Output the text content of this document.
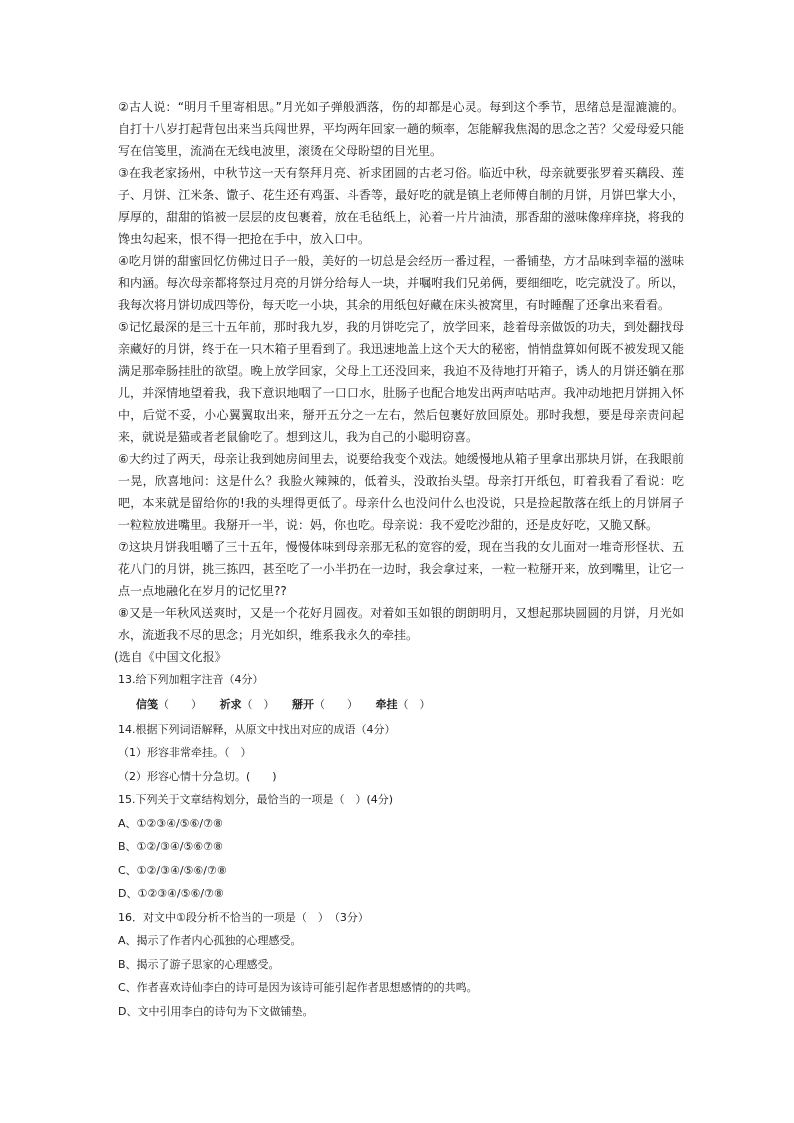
②古人说：“明月千里寄相思。”月光如子弹般洒落，伤的却都是心灵。每到这个季节，思绪总是湿漉漉的。自打十八岁打起背包出来当兵闯世界，平均两年回家一趟的频率，怎能解我焦渴的思念之苦？父爱母爱只能写在信笺里，流淌在无线电波里，滚烫在父母盼望的目光里。

③在我老家扬州，中秋节这一天有祭拜月亮、祈求团圆的古老习俗。临近中秋，母亲就要张罗着买藕段、莲子、月饼、江米条、馓子、花生还有鸡蛋、斗香等，最好吃的就是镇上老师傅自制的月饼，月饼巴掌大小，厚厚的，甜甜的馅被一层层的皮包裹着，放在毛毡纸上，沁着一片片油渍，那香甜的滋味像痒痒挠，将我的馋虫勾起来，恨不得一把抢在手中，放入口中。

④吃月饼的甜蜜回忆仿佛过日子一般，美好的一切总是会经历一番过程，一番铺垫，方才品味到幸福的滋味和内涵。每次母亲都将祭过月亮的月饼分给每人一块，并嘱咐我们兄弟俩，要细细吃，吃完就没了。所以，我每次将月饼切成四等份，每天吃一小块，其余的用纸包好藏在床头被窝里，有时睡醒了还拿出来看看。

⑤记忆最深的是三十五年前，那时我九岁，我的月饼吃完了，放学回来，趁着母亲做饭的功夫，到处翻找母亲藏好的月饼，终于在一只木箱子里看到了。我迅速地盖上这个天大的秘密，悄悄盘算如何既不被发现又能满足那牵肠挂肚的欲望。晚上放学回家，父母上工还没回来，我迫不及待地打开箱子，诱人的月饼还躺在那儿，并深情地望着我，我下意识地咽了一口口水，肚肠子也配合地发出两声咕咕声。我冲动地把月饼拥入怀中，后觉不妥，小心翼翼取出来，掰开五分之一左右，然后包裹好放回原处。那时我想，要是母亲责问起来，就说是猫或者老鼠偷吃了。想到这儿，我为自己的小聪明窃喜。

⑥大约过了两天，母亲让我到她房间里去，说要给我变个戏法。她缓慢地从箱子里拿出那块月饼，在我眼前一晃，欣喜地问：这是什么？我脸火辣辣的，低着头，没敢抬头望。母亲打开纸包，盯着我看了看说：吃吧，本来就是留给你的!我的头埋得更低了。母亲什么也没问什么也没说，只是捡起散落在纸上的月饼屑子一粒粒放进嘴里。我掰开一半，说：妈，你也吃。母亲说：我不爱吃沙甜的，还是皮好吃，又脆又酥。

⑦这块月饼我咀嚼了三十五年，慢慢体味到母亲那无私的宽容的爱，现在当我的女儿面对一堆奇形怪状、五花八门的月饼，挑三拣四，甚至吃了一小半扔在一边时，我会拿过来，一粒一粒掰开来，放到嘴里，让它一点一点地融化在岁月的记忆里??

⑧又是一年秋风送爽时，又是一个花好月圆夜。对着如玉如银的朗朗明月，又想起那块圆圆的月饼，月光如水，流逝我不尽的思念；月光如织，维系我永久的牵挂。

(选自《中国文化报》

13.给下列加粗字注音（4分）

信笺（　　） 祈求（　） 掰开（　　） 牵挂（　）

14.根据下列词语解释，从原文中找出对应的成语（4分）

（1）形容非常牵挂。（　）

（2）形容心情十分急切。(　　)

15.下列关于文章结构划分，最恰当的一项是（　）(4分)

A、①②③④/⑤⑥/⑦⑧

B、①②/③④/⑤⑥⑦⑧

C、①②/③④/⑤⑥/⑦⑧

D、①②③④/⑤⑥/⑦⑧

16．对文中①段分析不恰当的一项是（　）　（3分）

A、揭示了作者内心孤独的心理感受。

B、揭示了游子思家的心理感受。

C、作者喜欢诗仙李白的诗可是因为该诗可能引起作者思想感情的的共鸣。

D、文中引用李白的诗句为下文做铺垫。
